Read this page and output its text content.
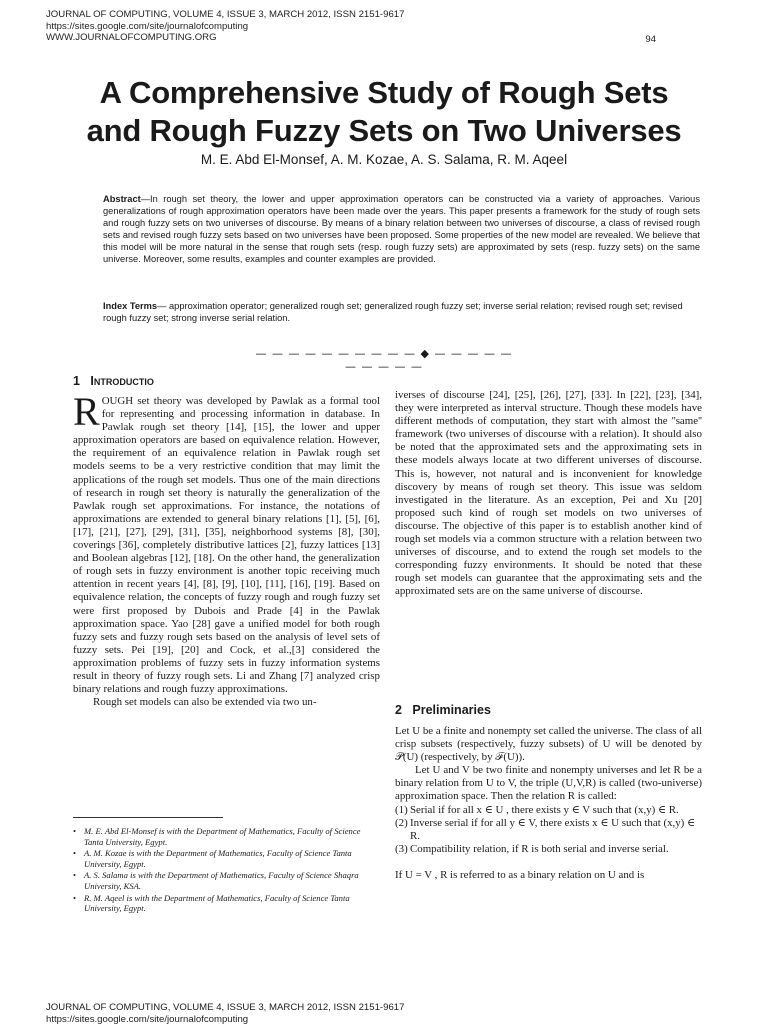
JOURNAL OF COMPUTING, VOLUME 4, ISSUE 3, MARCH 2012, ISSN 2151-9617
https://sites.google.com/site/journalofcomputing
WWW.JOURNALOFCOMPUTING.ORG	94
A Comprehensive Study of Rough Sets
and Rough Fuzzy Sets on Two Universes
M. E. Abd El-Monsef, A. M. Kozae, A. S. Salama, R. M. Aqeel
Abstract—In rough set theory, the lower and upper approximation operators can be constructed via a variety of approaches. Various generalizations of rough approximation operators have been made over the years. This paper presents a framework for the study of rough sets and rough fuzzy sets on two universes of discourse. By means of a binary relation between two universes of discourse, a class of revised rough sets and revised rough fuzzy sets based on two universes have been proposed. Some properties of the new model are revealed. We believe that this model will be more natural in the sense that rough sets (resp. rough fuzzy sets) are approximated by sets (resp. fuzzy sets) on the same universe. Moreover, some results, examples and counter examples are provided.
Index Terms— approximation operator; generalized rough set; generalized rough fuzzy set; inverse serial relation; revised rough set; revised rough fuzzy set; strong inverse serial relation.
— — — — — — — — — — ◆ — — — — — — — — — —
1 Introductio

ROUGH set theory was developed by Pawlak as a formal tool for representing and processing information in database. In Pawlak rough set theory [14], [15], the lower and upper approximation operators are based on equivalence relation. However, the requirement of an equivalence relation in Pawlak rough set models seems to be a very restrictive condition that may limit the applications of the rough set models. Thus one of the main directions of research in rough set theory is naturally the generalization of the Pawlak rough set approximations. For instance, the notations of approximations are extended to general binary relations [1], [5], [6], [17], [21], [27], [29], [31], [35], neighborhood systems [8], [30], coverings [36], completely distributive lattices [2], fuzzy lattices [13] and Boolean algebras [12], [18]. On the other hand, the generalization of rough sets in fuzzy environment is another topic receiving much attention in recent years [4], [8], [9], [10], [11], [16], [19]. Based on equivalence relation, the concepts of fuzzy rough and rough fuzzy set were first proposed by Dubois and Prade [4] in the Pawlak approximation space. Yao [28] gave a unified model for both rough fuzzy sets and fuzzy rough sets based on the analysis of level sets of fuzzy sets. Pei [19], [20] and Cock, et al.,[3] considered the approximation problems of fuzzy sets in fuzzy information systems result in theory of fuzzy rough sets. Li and Zhang [7] analyzed crisp binary relations and rough fuzzy approximations.

Rough set models can also be extended via two un-

• M. E. Abd El-Monsef is with the Department of Mathematics, Faculty of Science Tanta University, Egypt.
• A. M. Kozae is with the Department of Mathematics, Faculty of Science Tanta University, Egypt.
• A. S. Salama is with the Department of Mathematics, Faculty of Science Shaqra University, KSA.
• R. M. Aqeel is with the Department of Mathematics, Faculty of Science Tanta University, Egypt.

iverses of discourse [24], [25], [26], [27], [33]. In [22], [23], [34], they were interpreted as interval structure. Though these models have different methods of computation, they start with almost the ''same'' framework (two universes of discourse with a relation). It should also be noted that the approximated sets and the approximating sets in these models always locate at two different universes of discourse. This is, however, not natural and is inconvenient for knowledge discovery by means of rough set theory. This issue was seldom investigated in the literature. As an exception, Pei and Xu [20] proposed such kind of rough set models on two universes of discourse. The objective of this paper is to establish another kind of rough set models via a common structure with a relation between two universes of discourse, and to extend the rough set models to the corresponding fuzzy environments. It should be noted that these rough set models can guarantee that the approximating sets and the approximated sets are on the same universe of discourse.

2 Preliminaries

Let U be a finite and nonempty set called the universe. The class of all crisp subsets (respectively, fuzzy subsets) of U will be denoted by 𝒫(U) (respectively, by ℱ(U)).

Let U and V be two finite and nonempty universes and let R be a binary relation from U to V, the triple (U,V,R) is called (two-universe) approximation space. Then the relation R is called:

(1) Serial if for all x ∈ U , there exists y ∈ V such that (x,y) ∈ R.
(2) Inverse serial if for all y ∈ V, there exists x ∈ U such that (x,y) ∈ R.
(3) Compatibility relation, if R is both serial and inverse serial.

If U = V , R is referred to as a binary relation on U and is

JOURNAL OF COMPUTING, VOLUME 4, ISSUE 3, MARCH 2012, ISSN 2151-9617
https://sites.google.com/site/journalofcomputing
